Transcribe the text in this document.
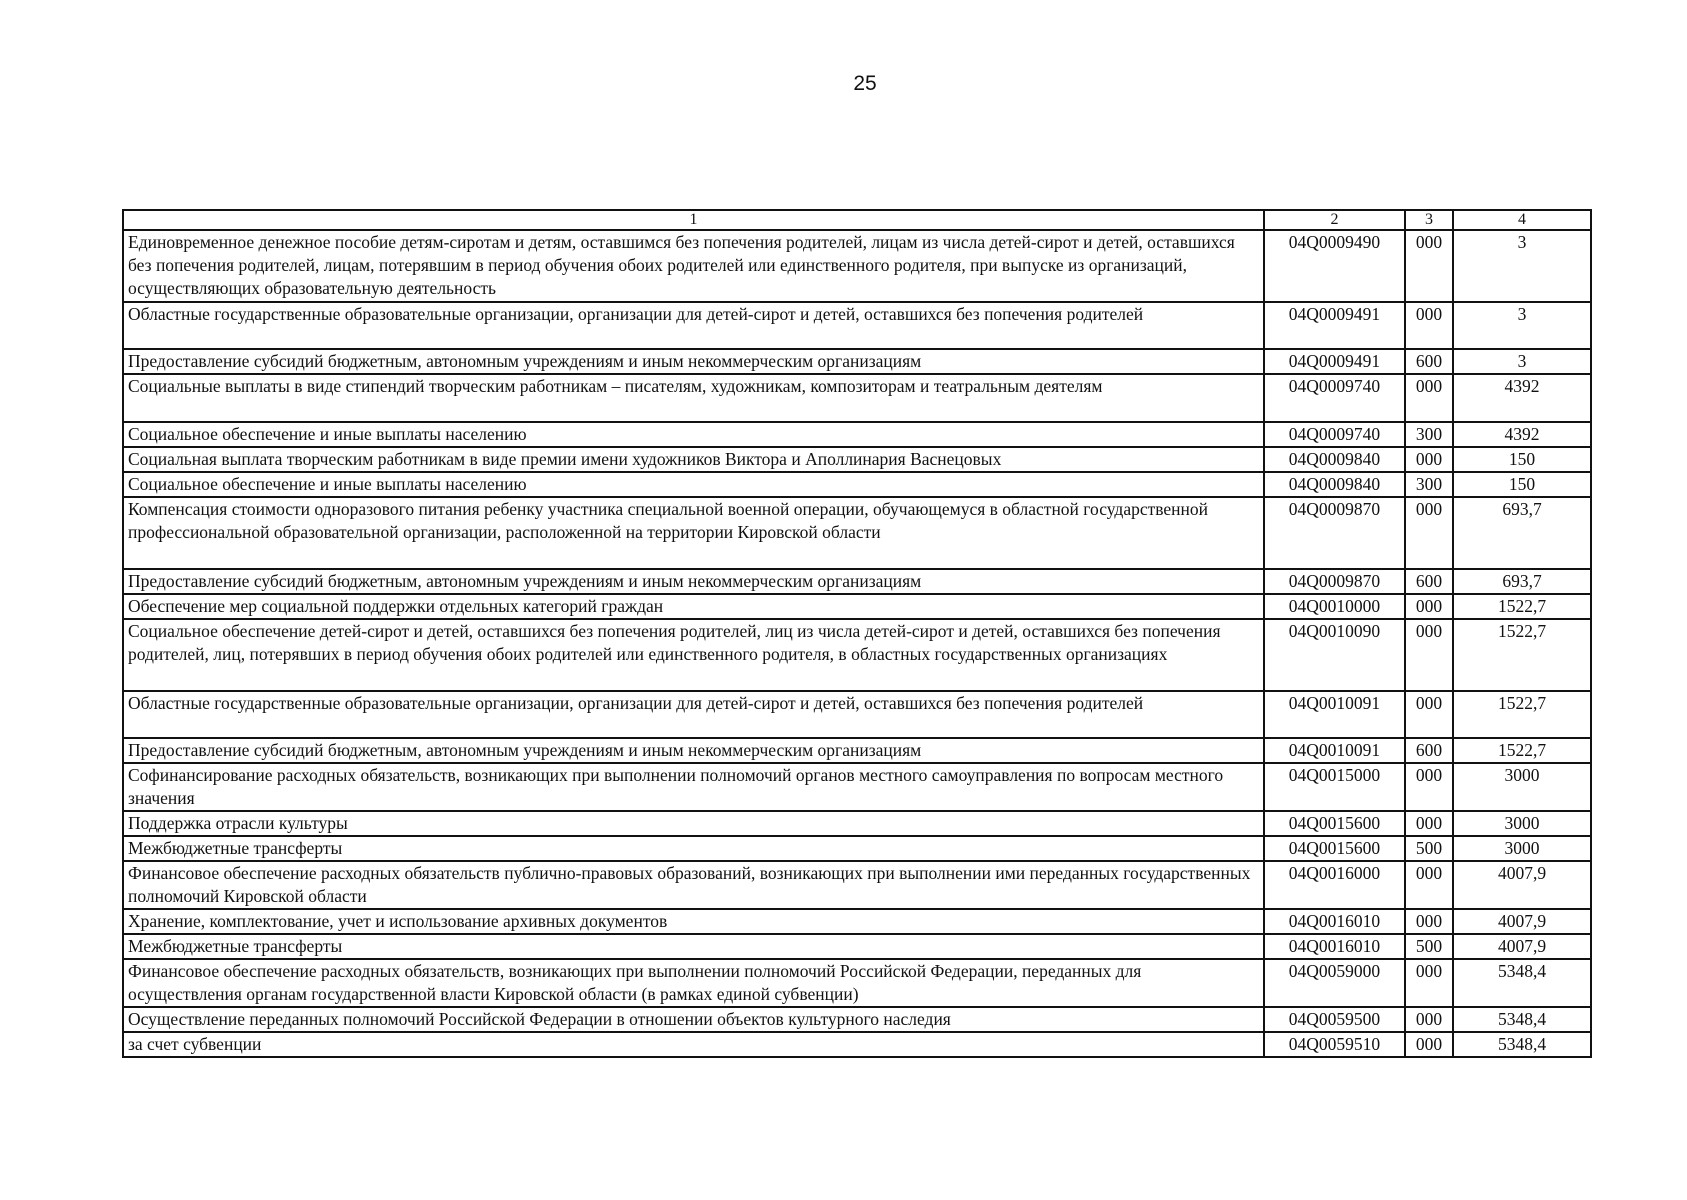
25
1	2	3	4
Единовременное денежное пособие детям-сиротам и детям, оставшимся без попечения родителей, лицам из числа детей-сирот и детей, оставшихся без попечения родителей, лицам, потерявшим в период обучения обоих родителей или единственного родителя, при выпуске из организаций, осуществляющих образовательную деятельность	04Q0009490	000	3
Областные государственные образовательные организации, организации для детей-сирот и детей, оставшихся без попечения родителей	04Q0009491	000	3
Предоставление субсидий бюджетным, автономным учреждениям и иным некоммерческим организациям	04Q0009491	600	3
Социальные выплаты в виде стипендий творческим работникам – писателям, художникам, композиторам и театральным деятелям	04Q0009740	000	4392
Социальное обеспечение и иные выплаты населению	04Q0009740	300	4392
Социальная выплата творческим работникам в виде премии имени художников Виктора и Аполлинария Васнецовых	04Q0009840	000	150
Социальное обеспечение и иные выплаты населению	04Q0009840	300	150
Компенсация стоимости одноразового питания ребенку участника специальной военной операции, обучающемуся в областной государственной профессиональной образовательной организации, расположенной на территории Кировской области	04Q0009870	000	693,7
Предоставление субсидий бюджетным, автономным учреждениям и иным некоммерческим организациям	04Q0009870	600	693,7
Обеспечение мер социальной поддержки отдельных категорий граждан	04Q0010000	000	1522,7
Социальное обеспечение детей-сирот и детей, оставшихся без попечения родителей, лиц из числа детей-сирот и детей, оставшихся без попечения родителей, лиц, потерявших в период обучения обоих родителей или единственного родителя, в областных государственных организациях	04Q0010090	000	1522,7
Областные государственные образовательные организации, организации для детей-сирот и детей, оставшихся без попечения родителей	04Q0010091	000	1522,7
Предоставление субсидий бюджетным, автономным учреждениям и иным некоммерческим организациям	04Q0010091	600	1522,7
Софинансирование расходных обязательств, возникающих при выполнении полномочий органов местного самоуправления по вопросам местного значения	04Q0015000	000	3000
Поддержка отрасли культуры	04Q0015600	000	3000
Межбюджетные трансферты	04Q0015600	500	3000
Финансовое обеспечение расходных обязательств публично-правовых образований, возникающих при выполнении ими переданных государственных полномочий Кировской области	04Q0016000	000	4007,9
Хранение, комплектование, учет и использование архивных документов	04Q0016010	000	4007,9
Межбюджетные трансферты	04Q0016010	500	4007,9
Финансовое обеспечение расходных обязательств, возникающих при выполнении полномочий Российской Федерации, переданных для осуществления органам государственной власти Кировской области (в рамках единой субвенции)	04Q0059000	000	5348,4
Осуществление переданных полномочий Российской Федерации в отношении объектов культурного наследия	04Q0059500	000	5348,4
за счет субвенции	04Q0059510	000	5348,4
